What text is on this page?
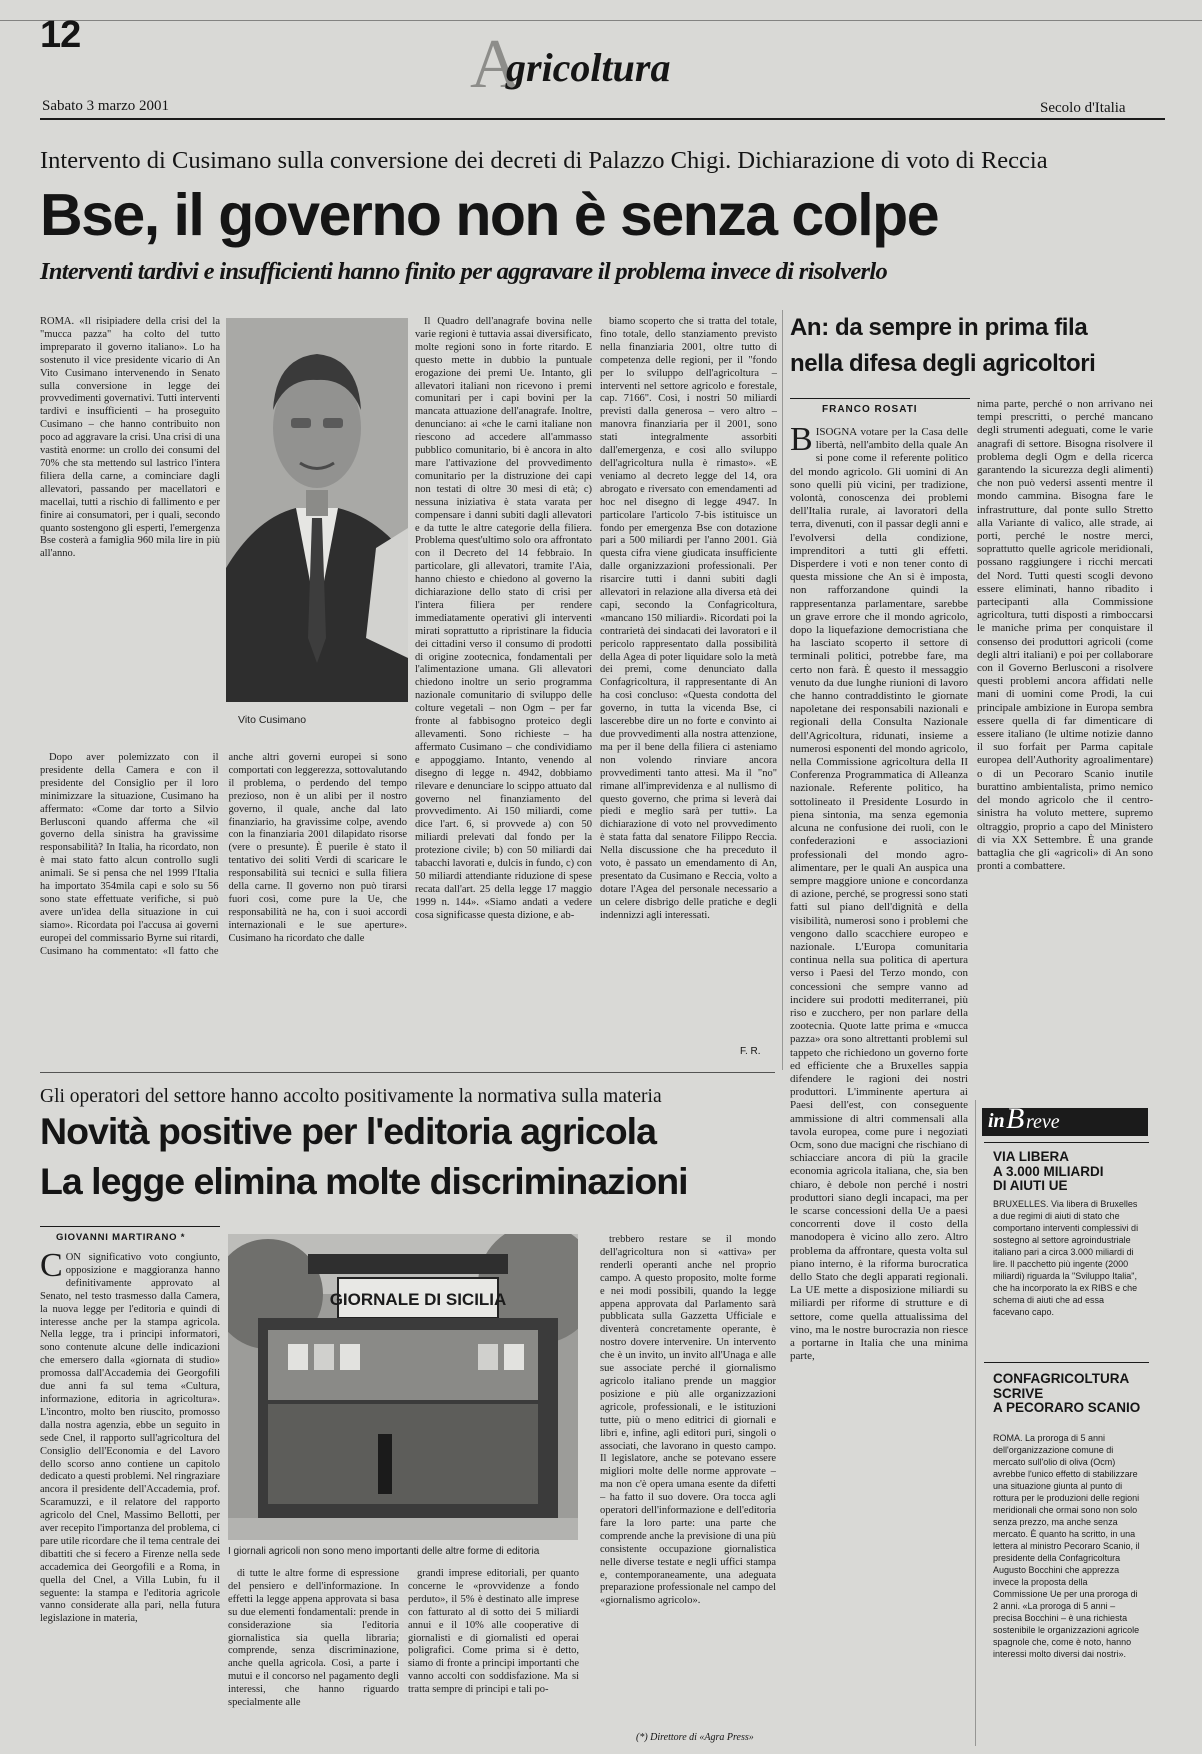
12	A
gricoltura
Sabato 3 marzo 2001	Secolo d'Italia
Intervento di Cusimano sulla conversione dei decreti di Palazzo Chigi. Dichiarazione di voto di Reccia
Bse, il governo non è senza colpe
Interventi tardivi e insufficienti hanno finito per aggravare il problema invece di risolverlo

ROMA. «Il risipiadere della crisi del la "mucca pazza" ha colto del tutto impreparato il governo italiano». Lo ha sostenuto il vice presidente vicario di An Vito Cusimano intervenendo in Senato sulla conversione in legge dei provvedimenti governativi. Tutti interventi tardivi e insufficienti – ha proseguito Cusimano – che hanno contribuito non poco ad aggravare la crisi. Una crisi di una vastità enorme: un crollo dei consumi del 70% che sta mettendo sul lastrico l'intera filiera della carne, a cominciare dagli allevatori, passando per macellatori e macellai, tutti a rischio di fallimento e per finire ai consumatori, per i quali, secondo quanto sostengono gli esperti, l'emergenza Bse costerà a famiglia 960 mila lire in più all'anno.

Dopo aver polemizzato con il presidente della Camera e con il presidente del Consiglio per il loro minimizzare la situazione, Cusimano ha affermato: «Come dar torto a Silvio Berlusconi quando afferma che «il governo della sinistra ha gravissime responsabilità? In Italia, ha ricordato, non è mai stato fatto alcun controllo sugli animali. Se si pensa che nel 1999 l'Italia ha importato 354mila capi e solo su 56 sono state effettuate verifiche, si può avere un'idea della situazione in cui siamo». Ricordata poi l'accusa ai governi europei del commissario Byrne sui ritardi, Cusimano ha commentato: «Il fatto che anche altri governi europei si sono comportati con leggerezza, sottovalutando il problema, o perdendo del tempo prezioso, non è un alibi per il nostro governo, il quale, anche dal lato finanziario, ha gravissime colpe, avendo con la finanziaria 2001 dilapidato risorse (vere o presunte). È puerile è stato il tentativo dei soliti Verdi di scaricare le responsabilità sui tecnici e sulla filiera della carne. Il governo non può tirarsi fuori così, come pure la Ue, che responsabilità ne ha, con i suoi accordi internazionali e le sue aperture». Cusimano ha ricordato che dalle

Vito Cusimano

Il Quadro dell'anagrafe bovina nelle varie regioni è tuttavia assai diversificato, molte regioni sono in forte ritardo. E questo mette in dubbio la puntuale erogazione dei premi Ue. Intanto, gli allevatori italiani non ricevono i premi comunitari per i capi bovini per la mancata attuazione dell'anagrafe. Inoltre, denunciano: ai «che le carni italiane non riescono ad accedere all'ammasso pubblico comunitario, bi è ancora in alto mare l'attivazione del provvedimento comunitario per la distruzione dei capi non testati di oltre 30 mesi di età; c) nessuna iniziativa è stata varata per compensare i danni subiti dagli allevatori e da tutte le altre categorie della filiera. Problema quest'ultimo solo ora affrontato con il Decreto del 14 febbraio. In particolare, gli allevatori, tramite l'Aia, hanno chiesto e chiedono al governo la dichiarazione dello stato di crisi per l'intera filiera per rendere immediatamente operativi gli interventi mirati soprattutto a ripristinare la fiducia dei cittadini verso il consumo di prodotti di origine zootecnica, fondamentali per l'alimentazione umana. Gli allevatori chiedono inoltre un serio programma nazionale comunitario di sviluppo delle colture vegetali – non Ogm – per far fronte al fabbisogno proteico degli allevamenti. Sono richieste – ha affermato Cusimano – che condividiamo e appoggiamo. Intanto, venendo al disegno di legge n. 4942, dobbiamo rilevare e denunciare lo scippo attuato dal governo nel finanziamento del provvedimento. Ai 150 miliardi, come dice l'art. 6, si provvede a) con 50 miliardi prelevati dal fondo per la protezione civile; b) con 50 miliardi dai tabacchi lavorati e, dulcis in fundo, c) con 50 miliardi attendiante riduzione di spese recata dall'art. 25 della legge 17 maggio 1999 n. 144». «Siamo andati a vedere cosa significasse questa dizione, e ab-

biamo scoperto che si tratta del totale, fino totale, dello stanziamento previsto nella finanziaria 2001, oltre tutto di competenza delle regioni, per il "fondo per lo sviluppo dell'agricoltura – interventi nel settore agricolo e forestale, cap. 7166". Così, i nostri 50 miliardi previsti dalla generosa – vero altro – manovra finanziaria per il 2001, sono stati integralmente assorbiti dall'emergenza, e così allo sviluppo dell'agricoltura nulla è rimasto». «E veniamo al decreto legge del 14, ora abrogato e riversato con emendamenti ad hoc nel disegno di legge 4947. In particolare l'articolo 7-bis istituisce un fondo per emergenza Bse con dotazione pari a 500 miliardi per l'anno 2001. Già questa cifra viene giudicata insufficiente dalle organizzazioni professionali. Per risarcire tutti i danni subiti dagli allevatori in relazione alla diversa età dei capi, secondo la Confagricoltura, «mancano 150 miliardi». Ricordati poi la contrarietà dei sindacati dei lavoratori e il pericolo rappresentato dalla possibilità della Agea di poter liquidare solo la metà dei premi, come denunciato dalla Confagricoltura, il rappresentante di An ha così concluso: «Questa condotta del governo, in tutta la vicenda Bse, ci lascerebbe dire un no forte e convinto ai due provvedimenti alla nostra attenzione, ma per il bene della filiera ci asteniamo non volendo rinviare ancora provvedimenti tanto attesi. Ma il "no" rimane all'imprevidenza e al nullismo di questo governo, che prima si leverà dai piedi e meglio sarà per tutti». La dichiarazione di voto nel provvedimento è stata fatta dal senatore Filippo Reccia. Nella discussione che ha preceduto il voto, è passato un emendamento di An, presentato da Cusimano e Reccia, volto a dotare l'Agea del personale necessario a un celere disbrigo delle pratiche e degli indennizzi agli interessati.

F. R.
An: da sempre in prima fila
nella difesa degli agricoltori
FRANCO ROSATI
B ISOGNA votare per la Casa delle libertà, nell'ambito della quale An si pone come il referente politico del mondo agricolo. Gli uomini di An sono quelli più vicini, per tradizione, volontà, conoscenza dei problemi dell'Italia rurale, ai lavoratori della terra, divenuti, con il passar degli anni e l'evolversi della condizione, imprenditori a tutti gli effetti. Disperdere i voti e non tener conto di questa missione che An si è imposta, non rafforzandone quindi la rappresentanza parlamentare, sarebbe un grave errore che il mondo agricolo, dopo la liquefazione democristiana che ha lasciato scoperto il settore di terminali politici, potrebbe fare, ma certo non farà. È questo il messaggio venuto da due lunghe riunioni di lavoro che hanno contraddistinto le giornate napoletane dei responsabili nazionali e regionali della Consulta Nazionale dell'Agricoltura, ridunati, insieme a numerosi esponenti del mondo agricolo, nella Commissione agricoltura della II Conferenza Programmatica di Alleanza nazionale. Referente politico, ha sottolineato il Presidente Losurdo in piena sintonia, ma senza egemonia alcuna ne confusione dei ruoli, con le confederazioni e associazioni professionali del mondo agro-alimentare, per le quali An auspica una sempre maggiore unione e concordanza di azione, perché, se progressi sono stati fatti sul piano dell'dignità e della visibilità, numerosi sono i problemi che vengono dallo scacchiere europeo e nazionale. L'Europa comunitaria continua nella sua politica di apertura verso i Paesi del Terzo mondo, con concessioni che sempre vanno ad incidere sui prodotti mediterranei, più riso e zucchero, per non parlare della zootecnia. Quote latte prima e «mucca pazza» ora sono altrettanti problemi sul tappeto che richiedono un governo forte ed efficiente che a Bruxelles sappia difendere le ragioni dei nostri produttori. L'imminente apertura ai Paesi dell'est, con conseguente ammissione di altri commensali alla tavola europea, come pure i negoziati Ocm, sono due macigni che rischiano di schiacciare ancora di più la gracile economia agricola italiana, che, sia ben chiaro, è debole non perché i nostri produttori siano degli incapaci, ma per le scarse concessioni della Ue a paesi concorrenti dove il costo della manodopera è vicino allo zero. Altro problema da affrontare, questa volta sul piano interno, è la riforma burocratica dello Stato che degli apparati regionali. La UE mette a disposizione miliardi su miliardi per riforme di strutture e di settore, come quella attualissima del vino, ma le nostre burocrazia non riesce a portarne in Italia che una minima parte,

nima parte, perché o non arrivano nei tempi prescritti, o perché mancano degli strumenti adeguati, come le varie anagrafi di settore. Bisogna risolvere il problema degli Ogm e della ricerca garantendo la sicurezza degli alimenti) che non può vedersi assenti mentre il mondo cammina. Bisogna fare le infrastrutture, dal ponte sullo Stretto alla Variante di valico, alle strade, ai porti, perché le nostre merci, soprattutto quelle agricole meridionali, possano raggiungere i ricchi mercati del Nord. Tutti questi scogli devono essere eliminati, hanno ribadito i partecipanti alla Commissione agricoltura, tutti disposti a rimboccarsi le maniche prima per conquistare il consenso dei produttori agricoli (come degli altri italiani) e poi per collaborare con il Governo Berlusconi a risolvere questi problemi ancora affidati nelle mani di uomini come Prodi, la cui principale ambizione in Europa sembra essere quella di far dimenticare di essere italiano (le ultime notizie danno il suo forfait per Parma capitale europea dell'Authority agroalimentare) o di un Pecoraro Scanio inutile burattino ambientalista, primo nemico del mondo agricolo che il centro-sinistra ha voluto mettere, supremo oltraggio, proprio a capo del Ministero di via XX Settembre. È una grande battaglia che gli «agricoli» di An sono pronti a combattere.

in B reve
VIA LIBERA
A 3.000 MILIARDI
DI AIUTI UE
BRUXELLES. Via libera di Bruxelles a due regimi di aiuti di stato che comportano interventi complessivi di sostegno al settore agroindustriale italiano pari a circa 3.000 miliardi di lire. Il pacchetto più ingente (2000 miliardi) riguarda la "Sviluppo Italia", che ha incorporato la ex RIBS e che schema di aiuti che ad essa facevano capo.
CONFAGRICOLTURA
SCRIVE
A PECORARO SCANIO
ROMA. La proroga di 5 anni dell'organizzazione comune di mercato sull'olio di oliva (Ocm) avrebbe l'unico effetto di stabilizzare una situazione giunta al punto di rottura per le produzioni delle regioni meridionali che ormai sono non solo senza prezzo, ma anche senza mercato. È quanto ha scritto, in una lettera al ministro Pecoraro Scanio, il presidente della Confagricoltura Augusto Bocchini che apprezza invece la proposta della Commissione Ue per una proroga di 2 anni. «La proroga di 5 anni – precisa Bocchini – è una richiesta sostenibile le organizzazioni agricole spagnole che, come è noto, hanno interessi molto diversi dai nostri».
Gli operatori del settore hanno accolto positivamente la normativa sulla materia
Novità positive per l'editoria agricola
La legge elimina molte discriminazioni
GIOVANNI MARTIRANO *
C ON significativo voto congiunto, opposizione e maggioranza hanno definitivamente approvato al Senato, nel testo trasmesso dalla Camera, la nuova legge per l'editoria e quindi di interesse anche per la stampa agricola. Nella legge, tra i principi informatori, sono contenute alcune delle indicazioni che emersero dalla «giornata di studio» promossa dall'Accademia dei Georgofili due anni fa sul tema «Cultura, informazione, editoria in agricoltura». L'incontro, molto ben riuscito, promosso dalla nostra agenzia, ebbe un seguito in sede Cnel, il rapporto sull'agricoltura del Consiglio dell'Economia e del Lavoro dello scorso anno contiene un capitolo dedicato a questi problemi. Nel ringraziare ancora il presidente dell'Accademia, prof. Scaramuzzi, e il relatore del rapporto agricolo del Cnel, Massimo Bellotti, per aver recepito l'importanza del problema, ci pare utile ricordare che il tema centrale dei dibattiti che si fecero a Firenze nella sede accademica dei Georgofili e a Roma, in quella del Cnel, a Villa Lubin, fu il seguente: la stampa e l'editoria agricole vanno considerate alla pari, nella futura legislazione in materia,
GIORNALE DI SICILIA
I giornali agricoli non sono meno importanti delle altre forme di editoria

di tutte le altre forme di espressione del pensiero e dell'informazione. In effetti la legge appena approvata si basa su due elementi fondamentali: prende in considerazione sia l'editoria giornalistica sia quella libraria; comprende, senza discriminazione, anche quella agricola. Così, a parte i mutui e il concorso nel pagamento degli interessi, che hanno riguardo specialmente alle

grandi imprese editoriali, per quanto concerne le «provvidenze a fondo perduto», il 5% è destinato alle imprese con fatturato al di sotto dei 5 miliardi annui e il 10% alle cooperative di giornalisti e di giornalisti ed operai poligrafici. Come prima si è detto, siamo di fronte a principi importanti che vanno accolti con soddisfazione. Ma si tratta sempre di principi e tali po-

trebbero restare se il mondo dell'agricoltura non si «attiva» per renderli operanti anche nel proprio campo. A questo proposito, molte forme e nei modi possibili, quando la legge appena approvata dal Parlamento sarà pubblicata sulla Gazzetta Ufficiale e diventerà concretamente operante, è nostro dovere intervenire. Un intervento che è un invito, un invito all'Unaga e alle sue associate perché il giornalismo agricolo italiano prende un maggior posizione e più alle organizzazioni agricole, professionali, e le istituzioni tutte, più o meno editrici di giornali e libri e, infine, agli editori puri, singoli o associati, che lavorano in questo campo. Il legislatore, anche se potevano essere migliori molte delle norme approvate – ma non c'è opera umana esente da difetti – ha fatto il suo dovere. Ora tocca agli operatori dell'informazione e dell'editoria fare la loro parte: una parte che comprende anche la previsione di una più consistente occupazione giornalistica nelle diverse testate e negli uffici stampa e, contemporaneamente, una adeguata preparazione professionale nel campo del «giornalismo agricolo».

(*) Direttore di «Agra Press»
